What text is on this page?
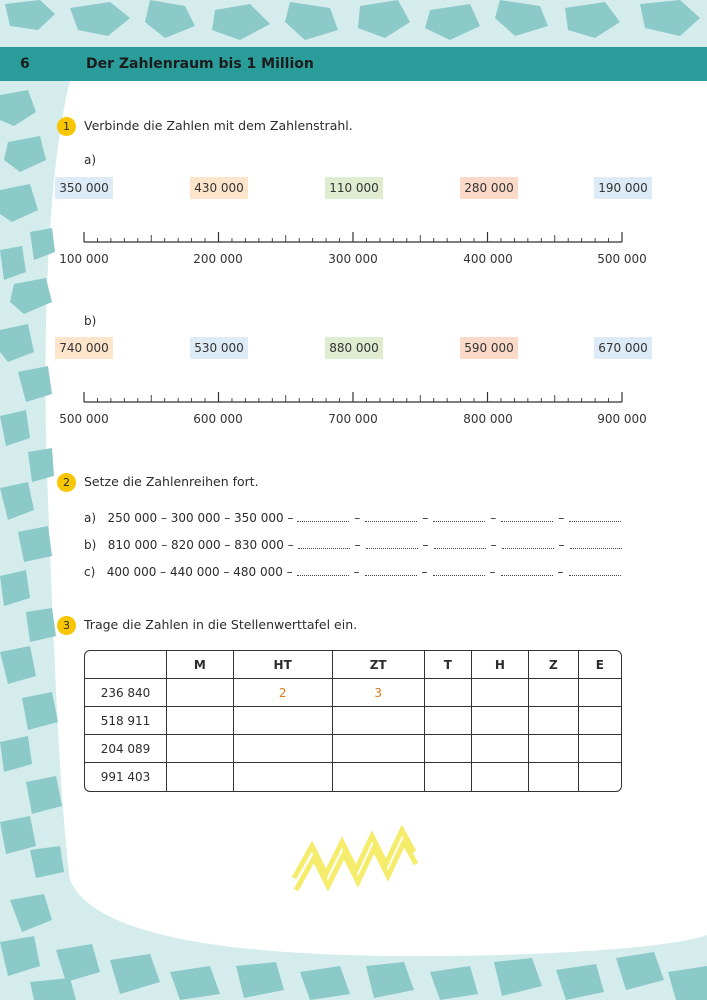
6	Der Zahlenraum bis 1 Million
1	Verbinde die Zahlen mit dem Zahlenstrahl.
a)
350 000	430 000	110 000	280 000	190 000
100 000	200 000	300 000	400 000	500 000
b)
740 000	530 000	880 000	590 000	670 000
500 000	600 000	700 000	800 000	900 000
2	Setze die Zahlenreihen fort.
a) 250 000 – 300 000 – 350 000 –	–	–	–	–
b) 810 000 – 820 000 – 830 000 –	–	–	–	–
c) 400 000 – 440 000 – 480 000 –	–	–	–	–
3	Trage die Zahlen in die Stellenwerttafel ein.
	M	HT	ZT	T	H	Z	E
236 840		2	3				
518 911							
204 089							
991 403							
